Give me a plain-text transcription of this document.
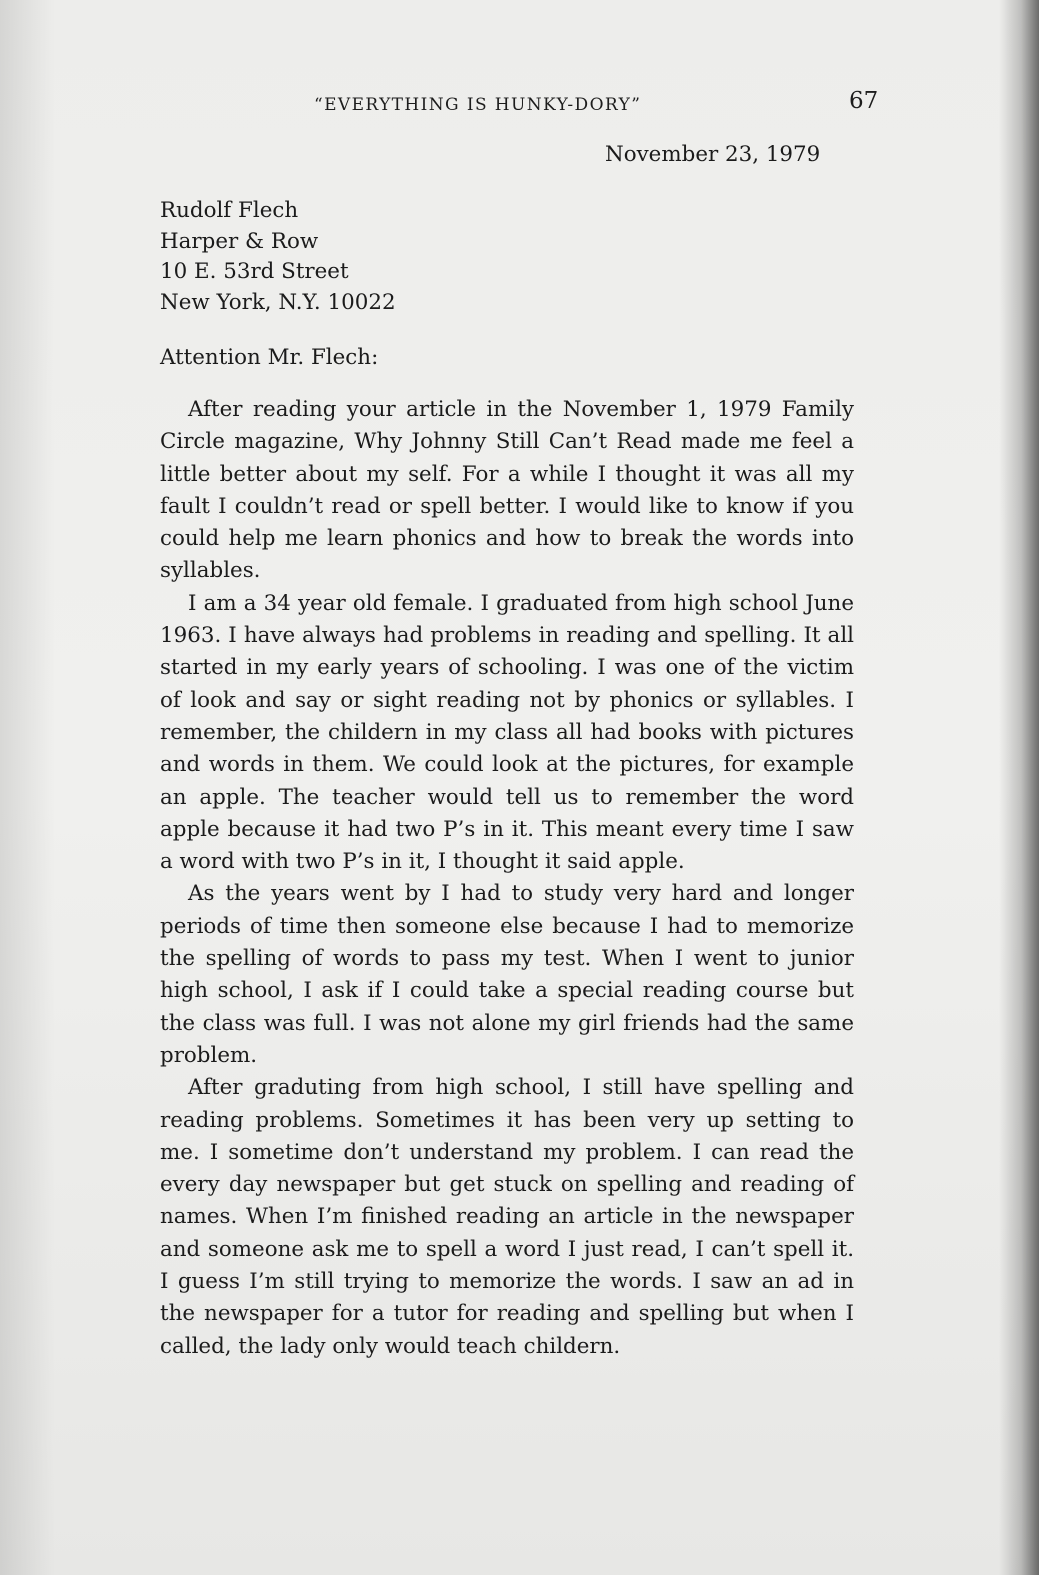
“EVERYTHING IS HUNKY-DORY”	67
November 23, 1979
Rudolf Flech
Harper & Row
10 E. 53rd Street
New York, N.Y. 10022
Attention Mr. Flech:

After reading your article in the November 1, 1979 Family Circle magazine, Why Johnny Still Can’t Read made me feel a little better about my self. For a while I thought it was all my fault I couldn’t read or spell better. I would like to know if you could help me learn phonics and how to break the words into syllables.

I am a 34 year old female. I graduated from high school June 1963. I have always had problems in reading and spelling. It all started in my early years of schooling. I was one of the victim of look and say or sight reading not by phonics or syllables. I remember, the childern in my class all had books with pictures and words in them. We could look at the pictures, for example an apple. The teacher would tell us to remember the word apple because it had two P’s in it. This meant every time I saw a word with two P’s in it, I thought it said apple.

As the years went by I had to study very hard and longer periods of time then someone else because I had to memorize the spelling of words to pass my test. When I went to junior high school, I ask if I could take a special reading course but the class was full. I was not alone my girl friends had the same problem.

After graduting from high school, I still have spelling and reading problems. Sometimes it has been very up setting to me. I sometime don’t understand my problem. I can read the every day newspaper but get stuck on spelling and reading of names. When I’m finished reading an article in the newspaper and someone ask me to spell a word I just read, I can’t spell it. I guess I’m still trying to memorize the words. I saw an ad in the newspaper for a tutor for reading and spelling but when I called, the lady only would teach childern.
